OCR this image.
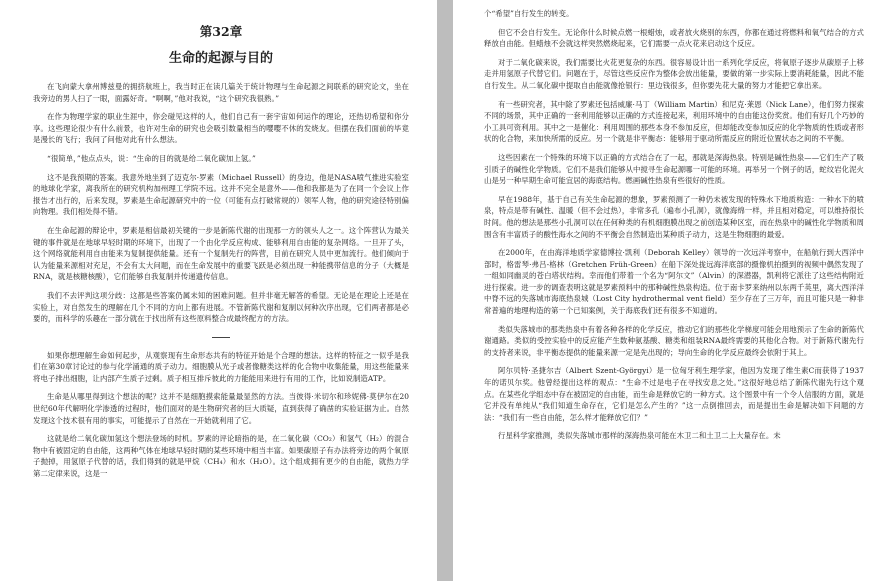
第32章
生命的起源与目的

在飞向蒙大拿州博兹曼的拥挤航班上，我当时正在读几篇关于统计物理与生命起源之间联系的研究论文，坐在我旁边的男人扫了一眼，面露好奇。“啊啊，”他对我说，“这个研究我很熟。”

在作为物理学家的职业生涯中，你会碰见这样的人，他们自己有一套宇宙如何运作的理论，还热切希望和你分享。这些理论很少有什么前景，也许对生命的研究也会吸引数量相当的嘤嘤不休的发烧友。但摆在我们面前的毕竟是漫长的飞行；我问了问他对此有什么想法。

“很简单，”他点点头，说：“生命的目的就是给二氧化碳加上氢。”

这不是我预期的答案。我意外地坐到了迈克尔·罗素（Michael Russell）的身边，他是NASA喷气推进实验室的地球化学家，离我所在的研究机构加州理工学院不远。这并不完全是意外——他和我都是为了在同一个会议上作报告才出行的，后来发现，罗素是生命起源研究中的一位（可能有点打破常规的）领军人物，他的研究途径特别偏向物理。我们相处得不错。

在生命起源的辩论中，罗素是相信最初关键的一步是新陈代谢的出现那一方的领头人之一。这个阵营认为最关键的事件就是在地球早轻时期的环境下，出现了一个由化学反应构成、能够利用自由能的复杂网络。一旦开了头，这个网络就能利用自由能来为复制提供能量。还有一个复制先行的阵营，目前在研究人员中更加流行。他们倾向于认为能量来源相对充足，不会有太大问题，而在生命发展中的重要飞跃是必须出现一种能携带信息的分子（大概是RNA，就是核糖核酸），它们能够自我复制并传递遗传信息。

我们不去评判这项分歧：这都是些答案仍属未知的困难问题。但并非毫无解答的希望。无论是在理论上还是在实验上，对自然发生的理解在几个不同的方向上都有进展。不管新陈代谢和复制以何种次序出现，它们两者都是必要的，而科学的乐趣在一部分就在于找出所有这些原料整合成最终配方的方法。

如果你想理解生命如何起步，从观察现有生命形态共有的特征开始是个合理的想法。这样的特征之一似乎是我们在第30章讨论过的参与化学涌通的质子动力。细胞膜从光子或者像糖类这样的化合物中收集能量，用这些能量来将电子排出细胞，让内部产生质子过剩。质子相互排斥彼此的力能能用来进行有用的工作，比如说制造ATP。

生命是从哪里得到这个想法的呢？这并不是细胞摸索能量最显然的方法。当彼得·米切尔和珍妮佛·莫伊尔在20世纪60年代解明化学渗透的过程时，他们面对的是生物研究者的巨大质疑，直到获得了确凿的实验证据为止。自然发现这个技术很有用的事实，可能提示了自然在一开始就利用了它。

这就是给二氧化碳加氢这个想法登场的时机。罗素的评论暗指的是，在二氧化碳（CO₂）和氢气（H₂）的混合物中有被固定的自由能，这两种气体在地球早轻时期的某些环境中相当丰富。如果碳原子有办法将旁边的两个氧原子抛掉，用氢原子代替的话，我们得到的就是甲烷（CH₄）和水（H₂O）。这个组成拥有更少的自由能，就热力学第二定律来说，这是一

个“希望”自行发生的转变。

但它不会自行发生。无论你什么时候点燃一根蜡烛，或者放火烧别的东西，你都在通过将燃料和氧气结合的方式释放自由能。但蜡烛不会就这样突然燃烧起来，它们需要一点火花来启动这个反应。

对于二氧化碳来说，我们需要比火花更复杂的东西。很容易设计出一系列化学反应，将氧原子逐步从碳原子上移走并用氢原子代替它们。问题在于，尽管这些反应作为整体会放出能量，要做的第一步实际上要消耗能量，因此不能自行发生。从二氧化碳中提取自由能就像抢银行：里边钱很多，但你要先花大量的努力才能把它拿出来。

有一些研究者，其中除了罗素还包括威廉·马丁（William Martin）和尼克·莱恩（Nick Lane），他们努力探索不同的场景，其中正确的一套利用能够以正确的方式连接起来，利用环境中的自由能这份奖赏。他们有好几个巧妙的小工具可资利用。其中之一是催化：利用周围的那些本身不参加反应，但却能改变参加反应的化学物质的性质或者形状的化合物，来加快所需的反应。另一个就是非平衡态：能够用于驱动所需反应的附近位置状态之间的不平衡。

这些因素在一个特殊的环境下以正确的方式结合在了一起，那就是深海热泉。特别是碱性热泉——它们生产了吸引质子的碱性化学物质。它们不是我们能够从中搅寻生命起源哪一可能的环境。再举另一个例子的话，蛇纹岩化泥火山是另一种早期生命可能宜居的海底结构。燃画碱性热泉有些很好的性质。

早在1988年，基于自己有关生命起源的想象，罗素预测了一种仍未被发现的特殊水下地质构造：一种水下的喷泉，特点是带有碱性、温暖（但不会过热），非常多孔（遍布小孔洞），就像海绵一样，并且相对稳定，可以维持很长时间。他的想法是那些小孔洞可以在任何种类的有机细胞膜出现之前创造某种区室，而在热泉中的碱性化学物质和周围含有丰富质子的酸性海水之间的不平衡会自然制造出某种质子动力，这是生物细胞的最爱。

在2000年，在由海洋地质学家德博拉·凯利（Deborah Kelley）领导的一次远洋考察中，在船航行到大西洋中部时，格雷琴·弗吕-格林（Gretchen Früh-Green）在船下深处拢远海洋底部的摄像机拍摄到的视频中偶然发现了一组如同幽灵的苍白塔状结构。幸而他们带着一个名为“阿尔文”（Alvin）的深潜器，凯利将它派往了这些结构附近进行探索。进一步的调查表明这就是罗素预料中的那种碱性热泉构造。位于南卡罗来纳州以东两千英里，离大西洋洋中脊不远的失落城市海底热泉城（Lost City hydrothermal vent field）至少存在了三万年，而且可能只是一种非常普遍的地理构造的第一个已知案例，关于海底我们还有很多不知道的。

类似失落城市的那类热泉中有着各种各样的化学反应，推动它们的那些化学梯度可能会用地预示了生命的新陈代谢通路。类似的受控实验中的反应能产生数种氨基酸、糖类和组装RNA最终需要的其他化合物。对于新陈代谢先行的支持者来说，非平衡态提供的能量来源一定是先出现的；导向生命的化学反应最终会依附于其上。

阿尔贝特·圣捷尔吉（Albert Szent-Györgyi）是一位匈牙利生理学家，他因为发现了维生素C而获得了1937年的诺贝尔奖。他曾经提出这样的观点：“生命不过是电子在寻找安息之处。”这很好地总结了新陈代谢先行这个观点。在某些化学组态中存在被固定的自由能，而生命是释放它的一种方式。这个图景中有一个令人信服的方面，就是它并没有单纯从“我们知道生命存在，它们是怎么产生的？”这一点倒推回去，而是提出生命是解决如下问题的方法：“我们有一些自由能，怎么样才能释放它们？”

行星科学家推测，类似失落城市那样的深海热泉可能在木卫二和土卫二上大量存在。未
